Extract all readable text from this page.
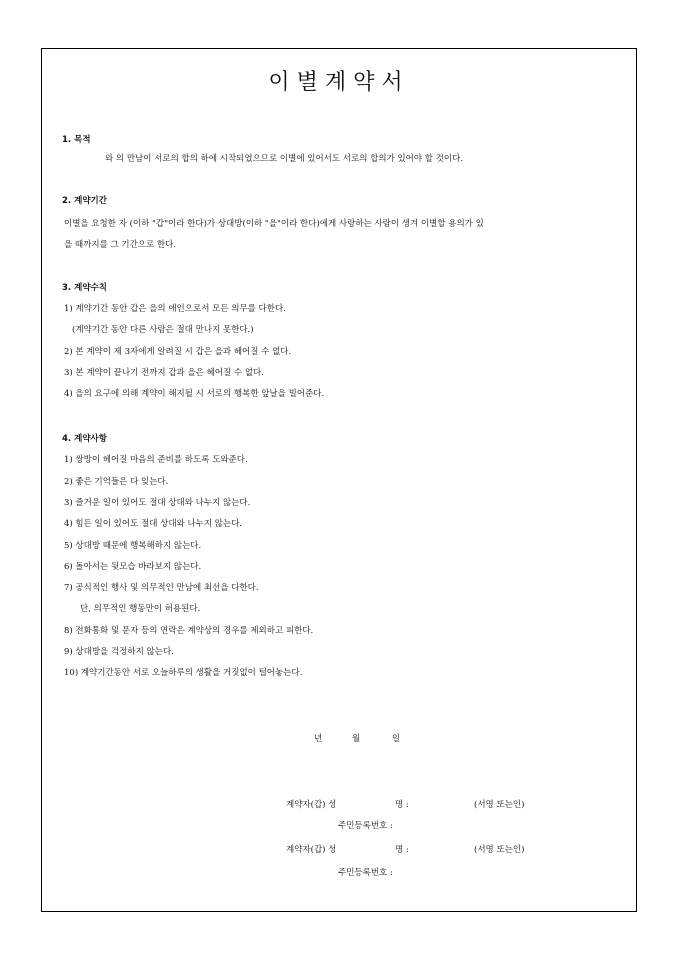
이별계약서
1. 목적
와 의 만남이 서로의 합의 하에 시작되었으므로 이별에 있어서도 서로의 합의가 있어야 할 것이다.
2. 계약기간
이별을 요청한 자 (이하 "갑"이라 한다)가 상대방(이하 "을"이라 한다)에게 사랑하는 사람이 생겨 이별할 용의가 있
을 때까지를 그 기간으로 한다.
3. 계약수칙
1) 계약기간 동안 갑은 을의 애인으로서 모든 의무를 다한다.
(계약기간 동안 다른 사람은 절대 만나지 못한다.)
2) 본 계약이 제 3자에게 알려질 시 갑은 을과 헤어질 수 없다.
3) 본 계약이 끝나기 전까지 갑과 을은 헤어질 수 없다.
4) 을의 요구에 의해 계약이 해지될 시 서로의 행복한 앞날을 빌어준다.
4. 계약사항
1) 쌍방이 헤어질 마음의 준비를 하도록 도와준다.
2) 좋은 기억들은 다 잊는다.
3) 즐거운 일이 있어도 절대 상대와 나누지 않는다.
4) 힘든 일이 있어도 절대 상대와 나누지 않는다.
5) 상대방 때문에 행복해하지 않는다.
6) 돌아서는 뒷모습 바라보지 않는다.
7) 공식적인 행사 및 의무적인 만남에 최선을 다한다.
단, 의무적인 행동만이 허용된다.
8) 전화통화 및 문자 등의 연락은 계약상의 경우를 제외하고 피한다.
9) 상대방을 걱정하지 않는다.
10) 계약기간동안 서로 오늘하루의 생활을 거짓없이 털어놓는다.
년	월	일
계약자(갑) 성	명 :	(서명 또는인)
주민등록번호 :
계약자(갑) 성	명 :	(서명 또는인)
주민등록번호 :
